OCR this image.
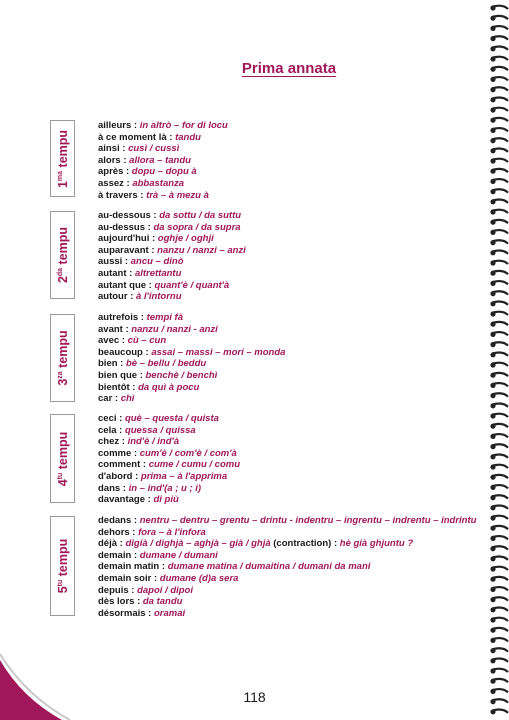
Prima annata
$1^{ma}$ tempu
ailleurs : in altrò – for di locu
à ce moment là : tandu
ainsi : cusì / cussì
alors : allora – tandu
après : dopu – dopu à
assez : abbastanza
à travers : trà – à mezu à
$2^{da}$ tempu
au-dessous : da sottu / da suttu
au-dessus : da sopra / da supra
aujourd'hui : oghje / oghji
auparavant : nanzu / nanzi – anzi
aussi : ancu – dinò
autant : altrettantu
autant que : quant'è / quant'à
autour : à l'intornu
$3^{za}$ tempu
autrefois : tempi fà
avant : nanzu / nanzi - anzi
avec : cù – cun
beaucoup : assai – massi – mori – monda
bien : bè – bellu / beddu
bien que : benchè / benchì
bientôt : da quì à pocu
car : chì
$4^{tu}$ tempu
ceci : què – questa / quista
cela : quessa / quissa
chez : ind'è / ind'à
comme : cum'è / com'è / com'à
comment : cume / cumu / comu
d'abord : prima – à l'apprima
dans : in – ind'(a ; u ; i)
davantage : di più
$5^{tu}$ tempu
dedans : nentru – dentru – grentu – drintu - indentru – ingrentu – indrentu – indrintu
dehors : fora – à l'infora
déjà : digià / dighjà – aghjà – già / ghjà (contraction) : hè già ghjuntu ?
demain : dumane / dumani
demain matin : dumane matina / dumaitina / dumani da mani
demain soir : dumane (d)a sera
depuis : dapoi / dipoi
dès lors : da tandu
désormais : oramai
118
